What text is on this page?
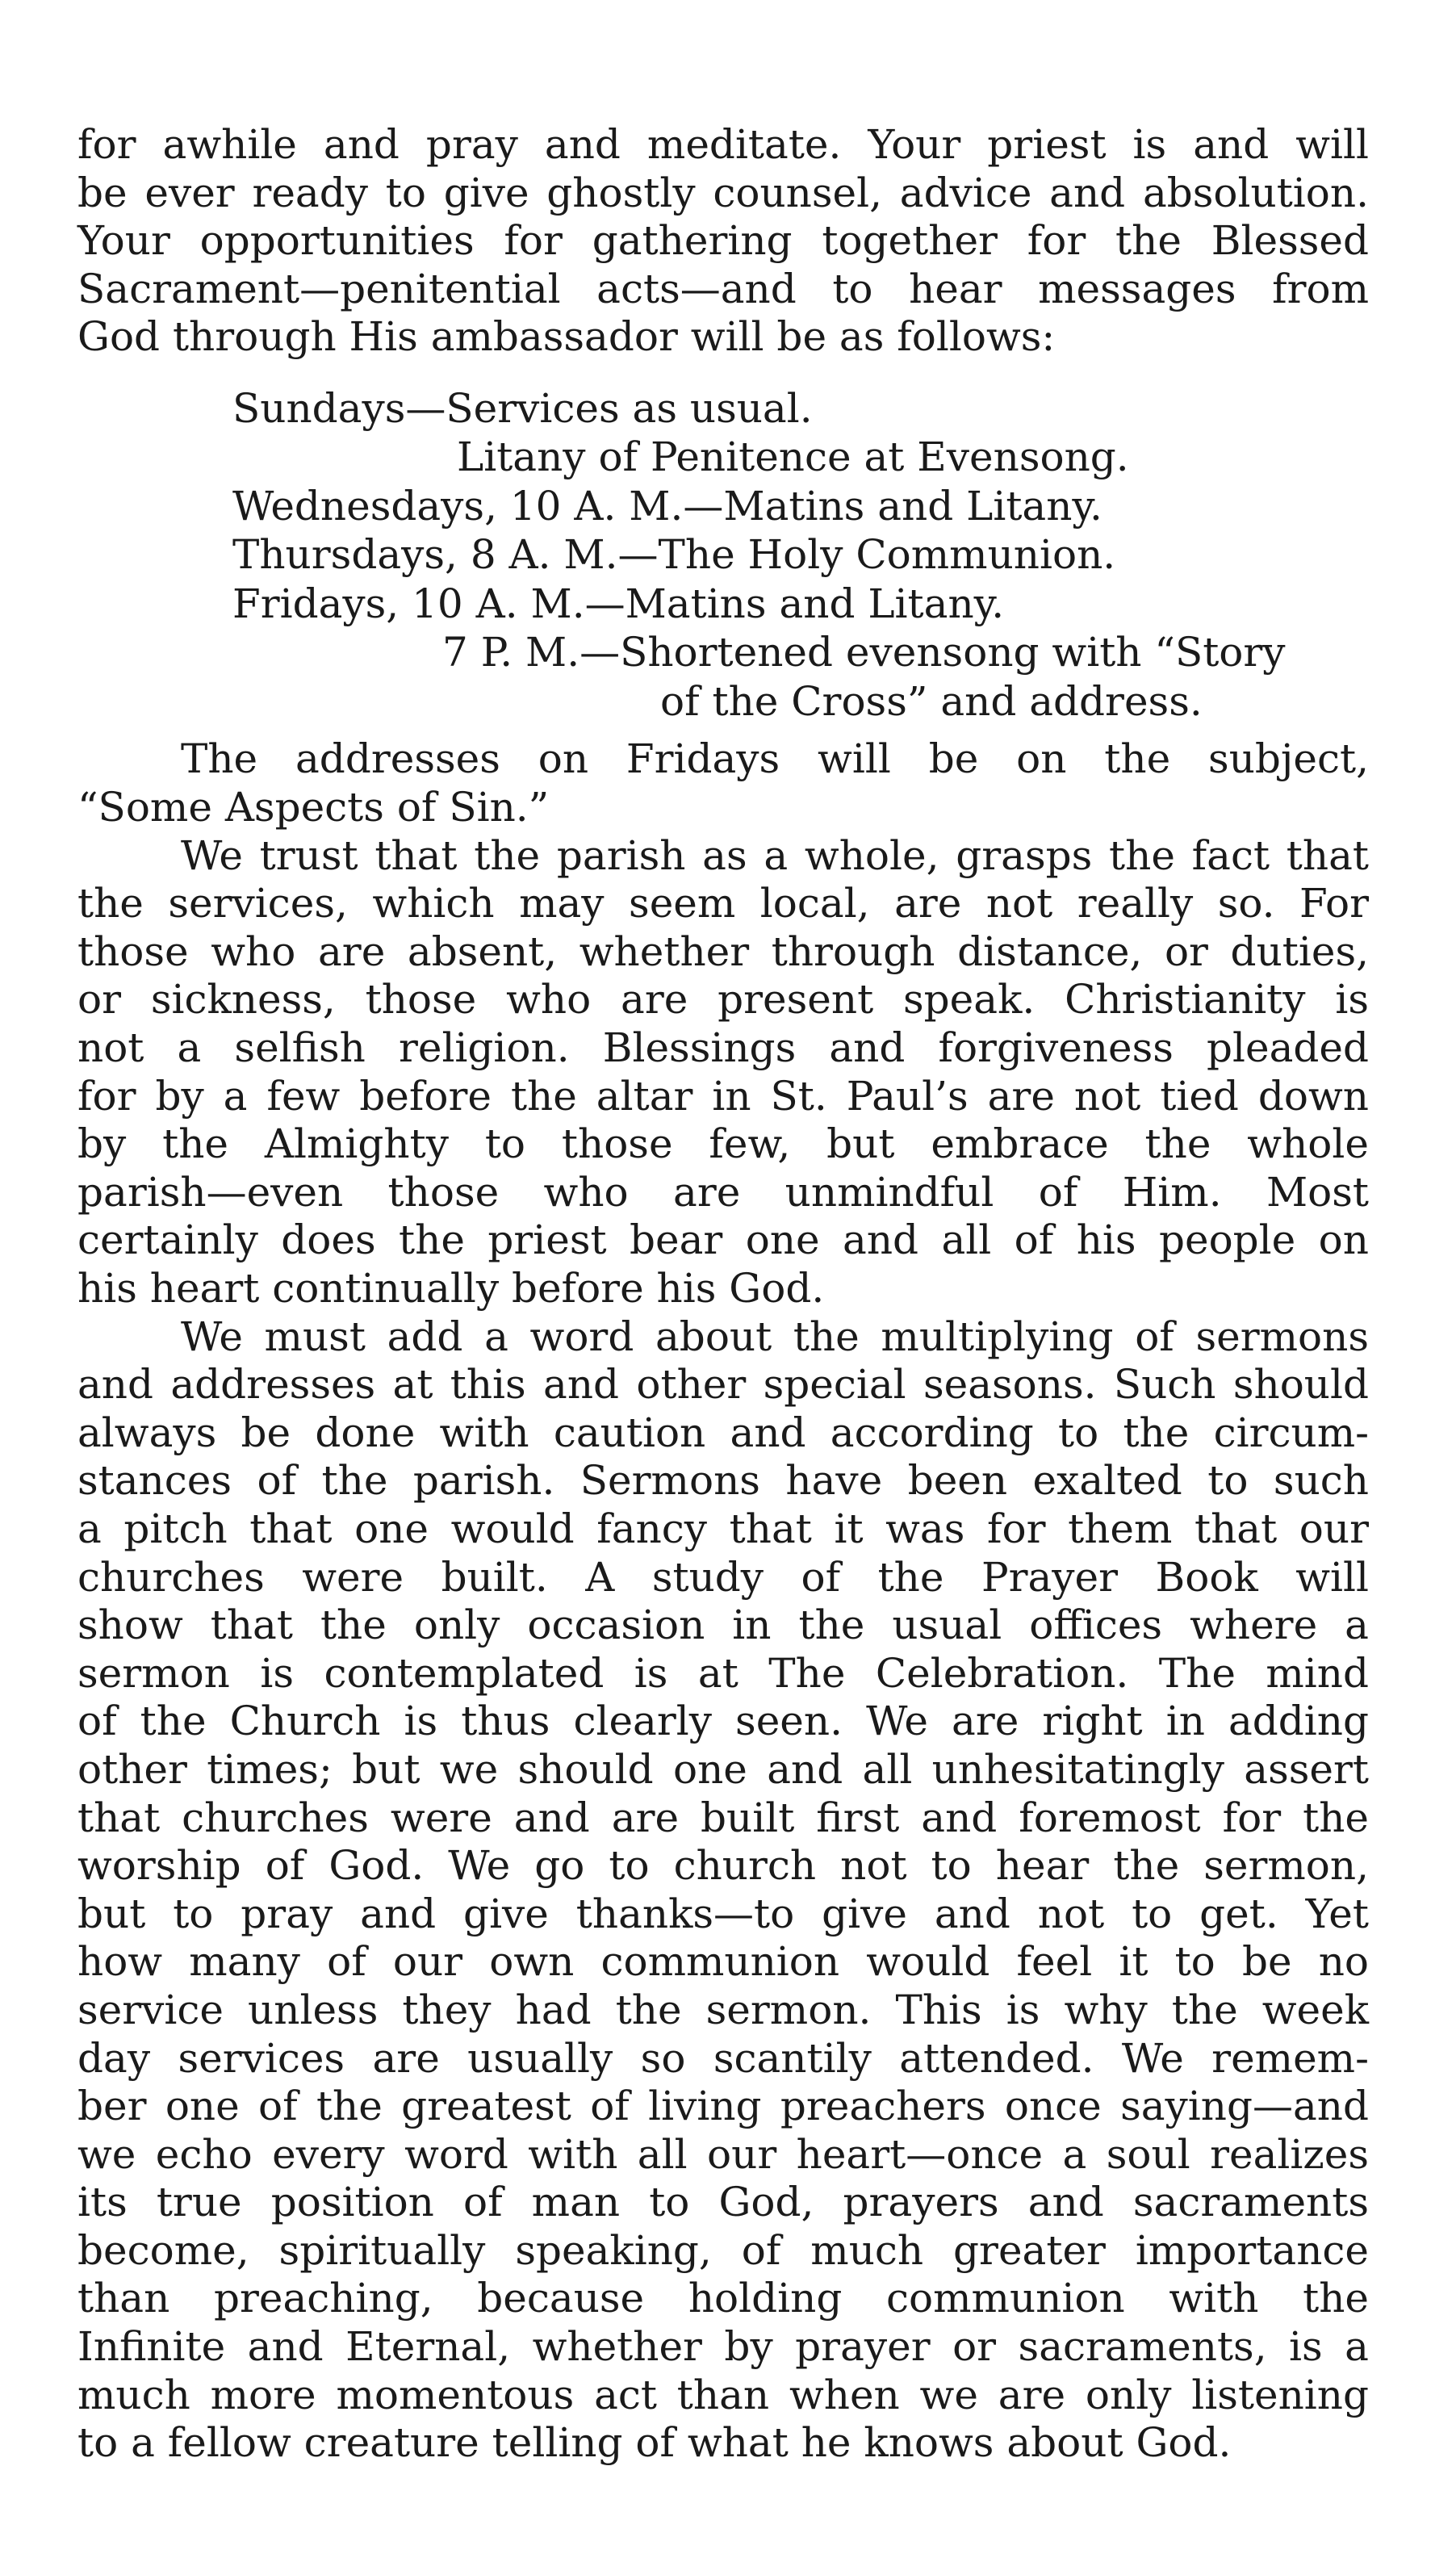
for awhile and pray and meditate. Your priest is and will
be ever ready to give ghostly counsel, advice and absolution.
Your opportunities for gathering together for the Blessed
Sacrament—penitential acts—and to hear messages from
God through His ambassador will be as follows:
Sundays—Services as usual.
Litany of Penitence at Evensong.
Wednesdays, 10 A. M.—Matins and Litany.
Thursdays, 8 A. M.—The Holy Communion.
Fridays, 10 A. M.—Matins and Litany.
7 P. M.—Shortened evensong with “Story
of the Cross” and address.
The addresses on Fridays will be on the subject,
“Some Aspects of Sin.”
We trust that the parish as a whole, grasps the fact that
the services, which may seem local, are not really so. For
those who are absent, whether through distance, or duties,
or sickness, those who are present speak. Christianity is
not a selfish religion. Blessings and forgiveness pleaded
for by a few before the altar in St. Paul’s are not tied down
by the Almighty to those few, but embrace the whole
parish—even those who are unmindful of Him. Most
certainly does the priest bear one and all of his people on
his heart continually before his God.
We must add a word about the multiplying of sermons
and addresses at this and other special seasons. Such should
always be done with caution and according to the circum-
stances of the parish. Sermons have been exalted to such
a pitch that one would fancy that it was for them that our
churches were built. A study of the Prayer Book will
show that the only occasion in the usual offices where a
sermon is contemplated is at The Celebration. The mind
of the Church is thus clearly seen. We are right in adding
other times; but we should one and all unhesitatingly assert
that churches were and are built first and foremost for the
worship of God. We go to church not to hear the sermon,
but to pray and give thanks—to give and not to get. Yet
how many of our own communion would feel it to be no
service unless they had the sermon. This is why the week
day services are usually so scantily attended. We remem-
ber one of the greatest of living preachers once saying—and
we echo every word with all our heart—once a soul realizes
its true position of man to God, prayers and sacraments
become, spiritually speaking, of much greater importance
than preaching, because holding communion with the
Infinite and Eternal, whether by prayer or sacraments, is a
much more momentous act than when we are only listening
to a fellow creature telling of what he knows about God.
